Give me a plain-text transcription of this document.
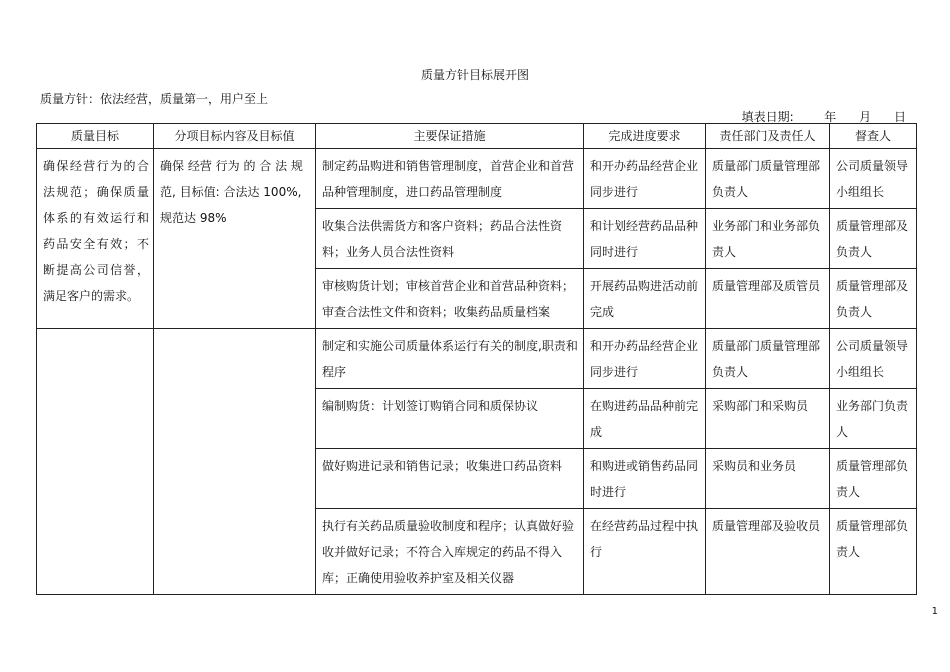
质量方针目标展开图
质量方针：依法经营，质量第一，用户至上
填表日期:        年      月      日
质量目标	分项目标内容及目标值	主要保证措施	完成进度要求	责任部门及责任人	督查人
确保经营行为的合法规范；确保质量体系的有效运行和药品安全有效；不断提高公司信誉，满足客户的需求。	确保 经营 行为 的 合 法 规范, 目标值: 合法达 100%, 规范达 98%	制定药品购进和销售管理制度，首营企业和首营品种管理制度，进口药品管理制度	和开办药品经营企业同步进行	质量部门质量管理部负责人	公司质量领导小组组长
		收集合法供需货方和客户资料；药品合法性资料；业务人员合法性资料	和计划经营药品品种同时进行	业务部门和业务部负责人	质量管理部及负责人
		审核购货计划；审核首营企业和首营品种资料；审查合法性文件和资料；收集药品质量档案	开展药品购进活动前完成	质量管理部及质管员	质量管理部及负责人
		制定和实施公司质量体系运行有关的制度,职责和程序	和开办药品经营企业同步进行	质量部门质量管理部负责人	公司质量领导小组组长
		编制购货：计划签订购销合同和质保协议	在购进药品品种前完成	采购部门和采购员	业务部门负责人
		做好购进记录和销售记录；收集进口药品资料	和购进或销售药品同时进行	采购员和业务员	质量管理部负责人
		执行有关药品质量验收制度和程序；认真做好验收并做好记录；不符合入库规定的药品不得入库；正确使用验收养护室及相关仪器	在经营药品过程中执行	质量管理部及验收员	质量管理部负责人
1
